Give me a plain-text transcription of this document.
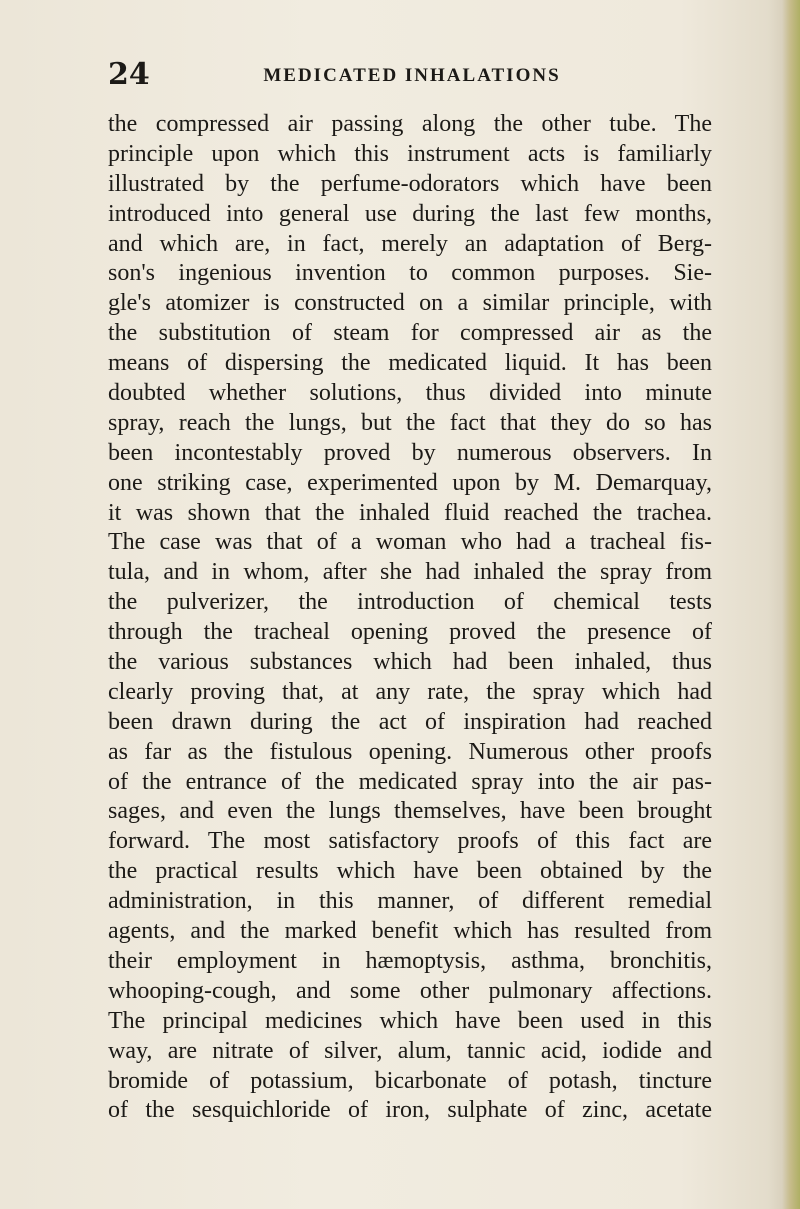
24	MEDICATED INHALATIONS
the compressed air passing along the other tube. The
principle upon which this instrument acts is familiarly
illustrated by the perfume-odorators which have been
introduced into general use during the last few months,
and which are, in fact, merely an adaptation of Berg-
son's ingenious invention to common purposes. Sie-
gle's atomizer is constructed on a similar principle, with
the substitution of steam for compressed air as the
means of dispersing the medicated liquid. It has been
doubted whether solutions, thus divided into minute
spray, reach the lungs, but the fact that they do so has
been incontestably proved by numerous observers. In
one striking case, experimented upon by M. Demarquay,
it was shown that the inhaled fluid reached the trachea.
The case was that of a woman who had a tracheal fis-
tula, and in whom, after she had inhaled the spray from
the pulverizer, the introduction of chemical tests
through the tracheal opening proved the presence of
the various substances which had been inhaled, thus
clearly proving that, at any rate, the spray which had
been drawn during the act of inspiration had reached
as far as the fistulous opening. Numerous other proofs
of the entrance of the medicated spray into the air pas-
sages, and even the lungs themselves, have been brought
forward. The most satisfactory proofs of this fact are
the practical results which have been obtained by the
administration, in this manner, of different remedial
agents, and the marked benefit which has resulted from
their employment in hæmoptysis, asthma, bronchitis,
whooping-cough, and some other pulmonary affections.
The principal medicines which have been used in this
way, are nitrate of silver, alum, tannic acid, iodide and
bromide of potassium, bicarbonate of potash, tincture
of the sesquichloride of iron, sulphate of zinc, acetate
